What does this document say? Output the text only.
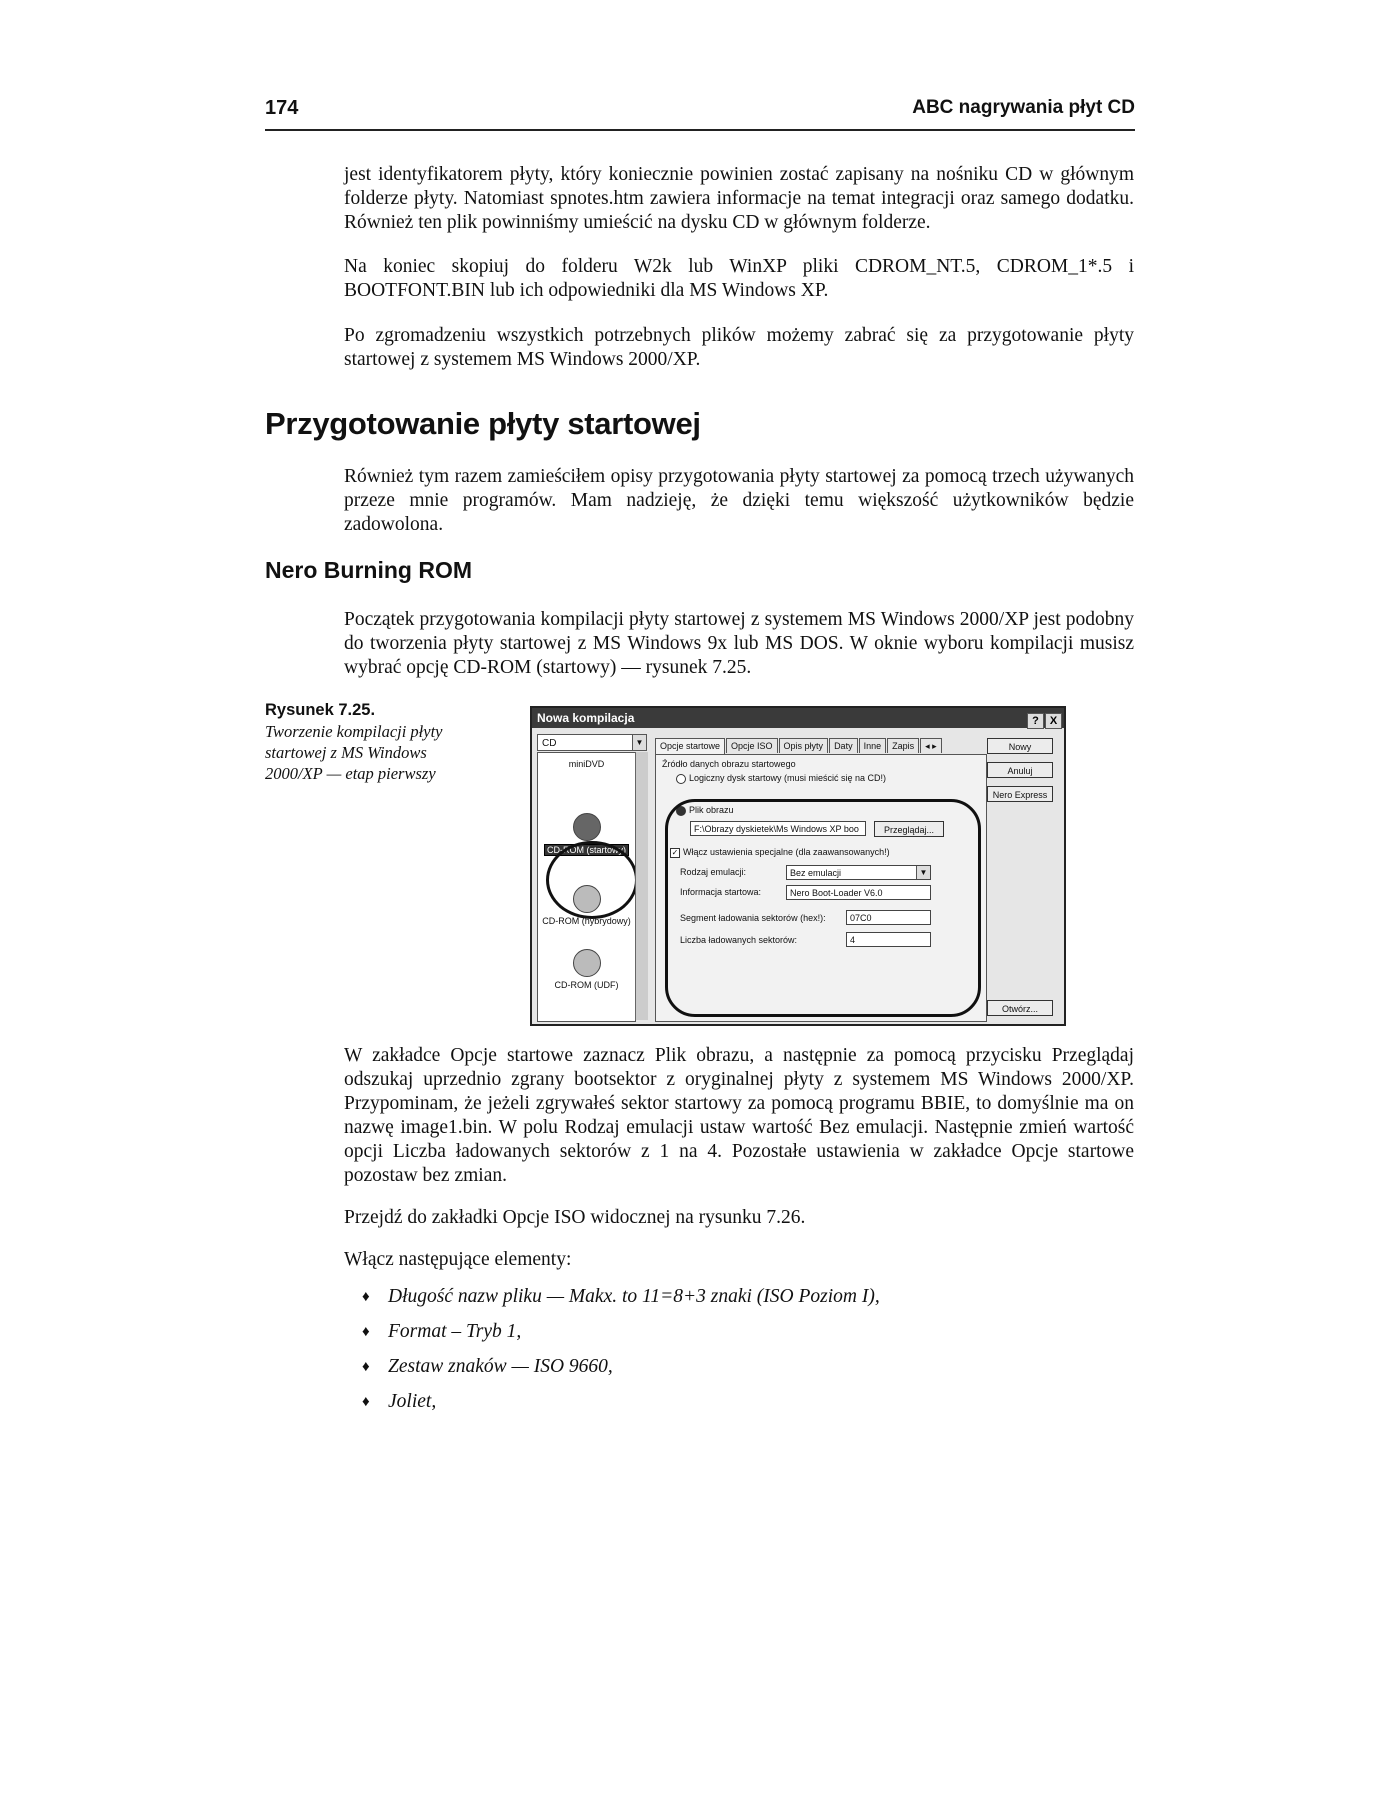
174	ABC nagrywania płyt CD

jest identyfikatorem płyty, który koniecznie powinien zostać zapisany na nośniku CD w głównym folderze płyty. Natomiast spnotes.htm zawiera informacje na temat integracji oraz samego dodatku. Również ten plik powinniśmy umieścić na dysku CD w głównym folderze.

Na koniec skopiuj do folderu W2k lub WinXP pliki CDROM_NT.5, CDROM_1*.5 i BOOTFONT.BIN lub ich odpowiedniki dla MS Windows XP.

Po zgromadzeniu wszystkich potrzebnych plików możemy zabrać się za przygotowanie płyty startowej z systemem MS Windows 2000/XP.

Przygotowanie płyty startowej

Również tym razem zamieściłem opisy przygotowania płyty startowej za pomocą trzech używanych przeze mnie programów. Mam nadzieję, że dzięki temu większość użytkowników będzie zadowolona.

Nero Burning ROM

Początek przygotowania kompilacji płyty startowej z systemem MS Windows 2000/XP jest podobny do tworzenia płyty startowej z MS Windows 9x lub MS DOS. W oknie wyboru kompilacji musisz wybrać opcję CD-ROM (startowy) — rysunek 7.25.

Rysunek 7.25.
Tworzenie kompilacji płyty startowej z MS Windows 2000/XP — etap pierwszy
Nowa kompilacja	? X
CD	▼
miniDVD
CD-ROM (startowy)
CD-ROM (hybrydowy)
CD-ROM (UDF)
Opcje startowe Opcje ISO Opis płyty Daty Inne Zapis ◂ ▸
Źródło danych obrazu startowego
Logiczny dysk startowy (musi mieścić się na CD!)
Plik obrazu
F:\Obrazy dyskietek\Ms Windows XP boo	Przeglądaj...
✓ Włącz ustawienia specjalne (dla zaawansowanych!)
Rodzaj emulacji:	Bez emulacji	▼
Informacja startowa:	Nero Boot-Loader V6.0
Segment ładowania sektorów (hex!):	07C0
Liczba ładowanych sektorów:	4
Nowy
Anuluj
Nero Express
Otwórz...

W zakładce Opcje startowe zaznacz Plik obrazu, a następnie za pomocą przycisku Przeglądaj odszukaj uprzednio zgrany bootsektor z oryginalnej płyty z systemem MS Windows 2000/XP. Przypominam, że jeżeli zgrywałeś sektor startowy za pomocą programu BBIE, to domyślnie ma on nazwę image1.bin. W polu Rodzaj emulacji ustaw wartość Bez emulacji. Następnie zmień wartość opcji Liczba ładowanych sektorów z 1 na 4. Pozostałe ustawienia w zakładce Opcje startowe pozostaw bez zmian.

Przejdź do zakładki Opcje ISO widocznej na rysunku 7.26.

Włącz następujące elementy:

♦ Długość nazw pliku — Makx. to 11=8+3 znaki (ISO Poziom I),
♦ Format – Tryb 1,
♦ Zestaw znaków — ISO 9660,
♦ Joliet,
